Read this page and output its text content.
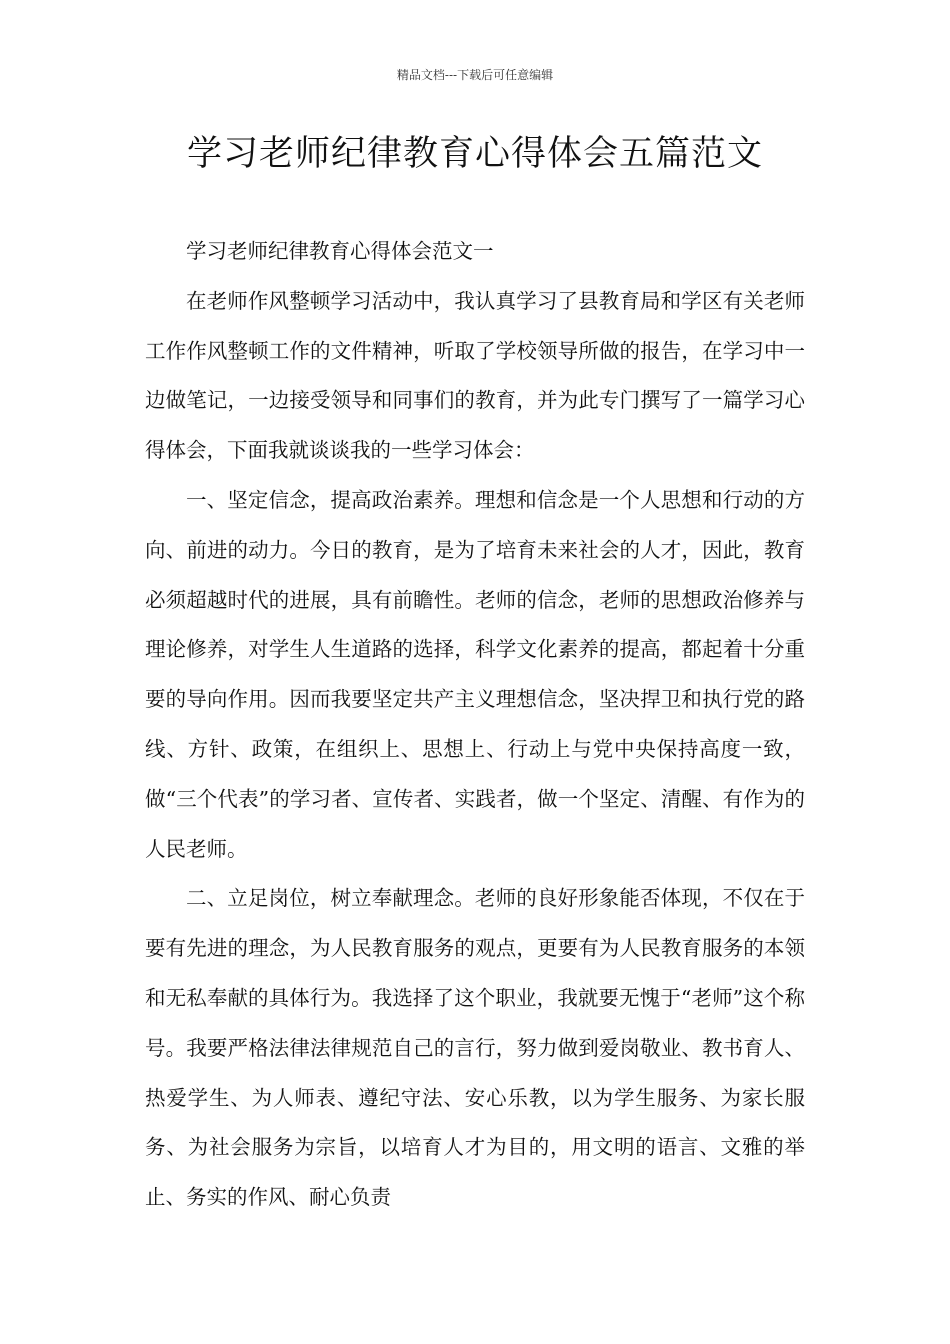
精品文档---下载后可任意编辑
学习老师纪律教育心得体会五篇范文

学习老师纪律教育心得体会范文一

在老师作风整顿学习活动中，我认真学习了县教育局和学区有关老师工作作风整顿工作的文件精神，听取了学校领导所做的报告，在学习中一边做笔记，一边接受领导和同事们的教育，并为此专门撰写了一篇学习心得体会，下面我就谈谈我的一些学习体会：

一、坚定信念，提高政治素养。理想和信念是一个人思想和行动的方向、前进的动力。今日的教育，是为了培育未来社会的人才，因此，教育必须超越时代的进展，具有前瞻性。老师的信念，老师的思想政治修养与理论修养，对学生人生道路的选择，科学文化素养的提高，都起着十分重要的导向作用。因而我要坚定共产主义理想信念，坚决捍卫和执行党的路线、方针、政策，在组织上、思想上、行动上与党中央保持高度一致，做“三个代表”的学习者、宣传者、实践者，做一个坚定、清醒、有作为的人民老师。

二、立足岗位，树立奉献理念。老师的良好形象能否体现，不仅在于要有先进的理念，为人民教育服务的观点，更要有为人民教育服务的本领和无私奉献的具体行为。我选择了这个职业，我就要无愧于“老师”这个称号。我要严格法律法律规范自己的言行，努力做到爱岗敬业、教书育人、热爱学生、为人师表、遵纪守法、安心乐教，以为学生服务、为家长服务、为社会服务为宗旨，以培育人才为目的，用文明的语言、文雅的举止、务实的作风、耐心负责
